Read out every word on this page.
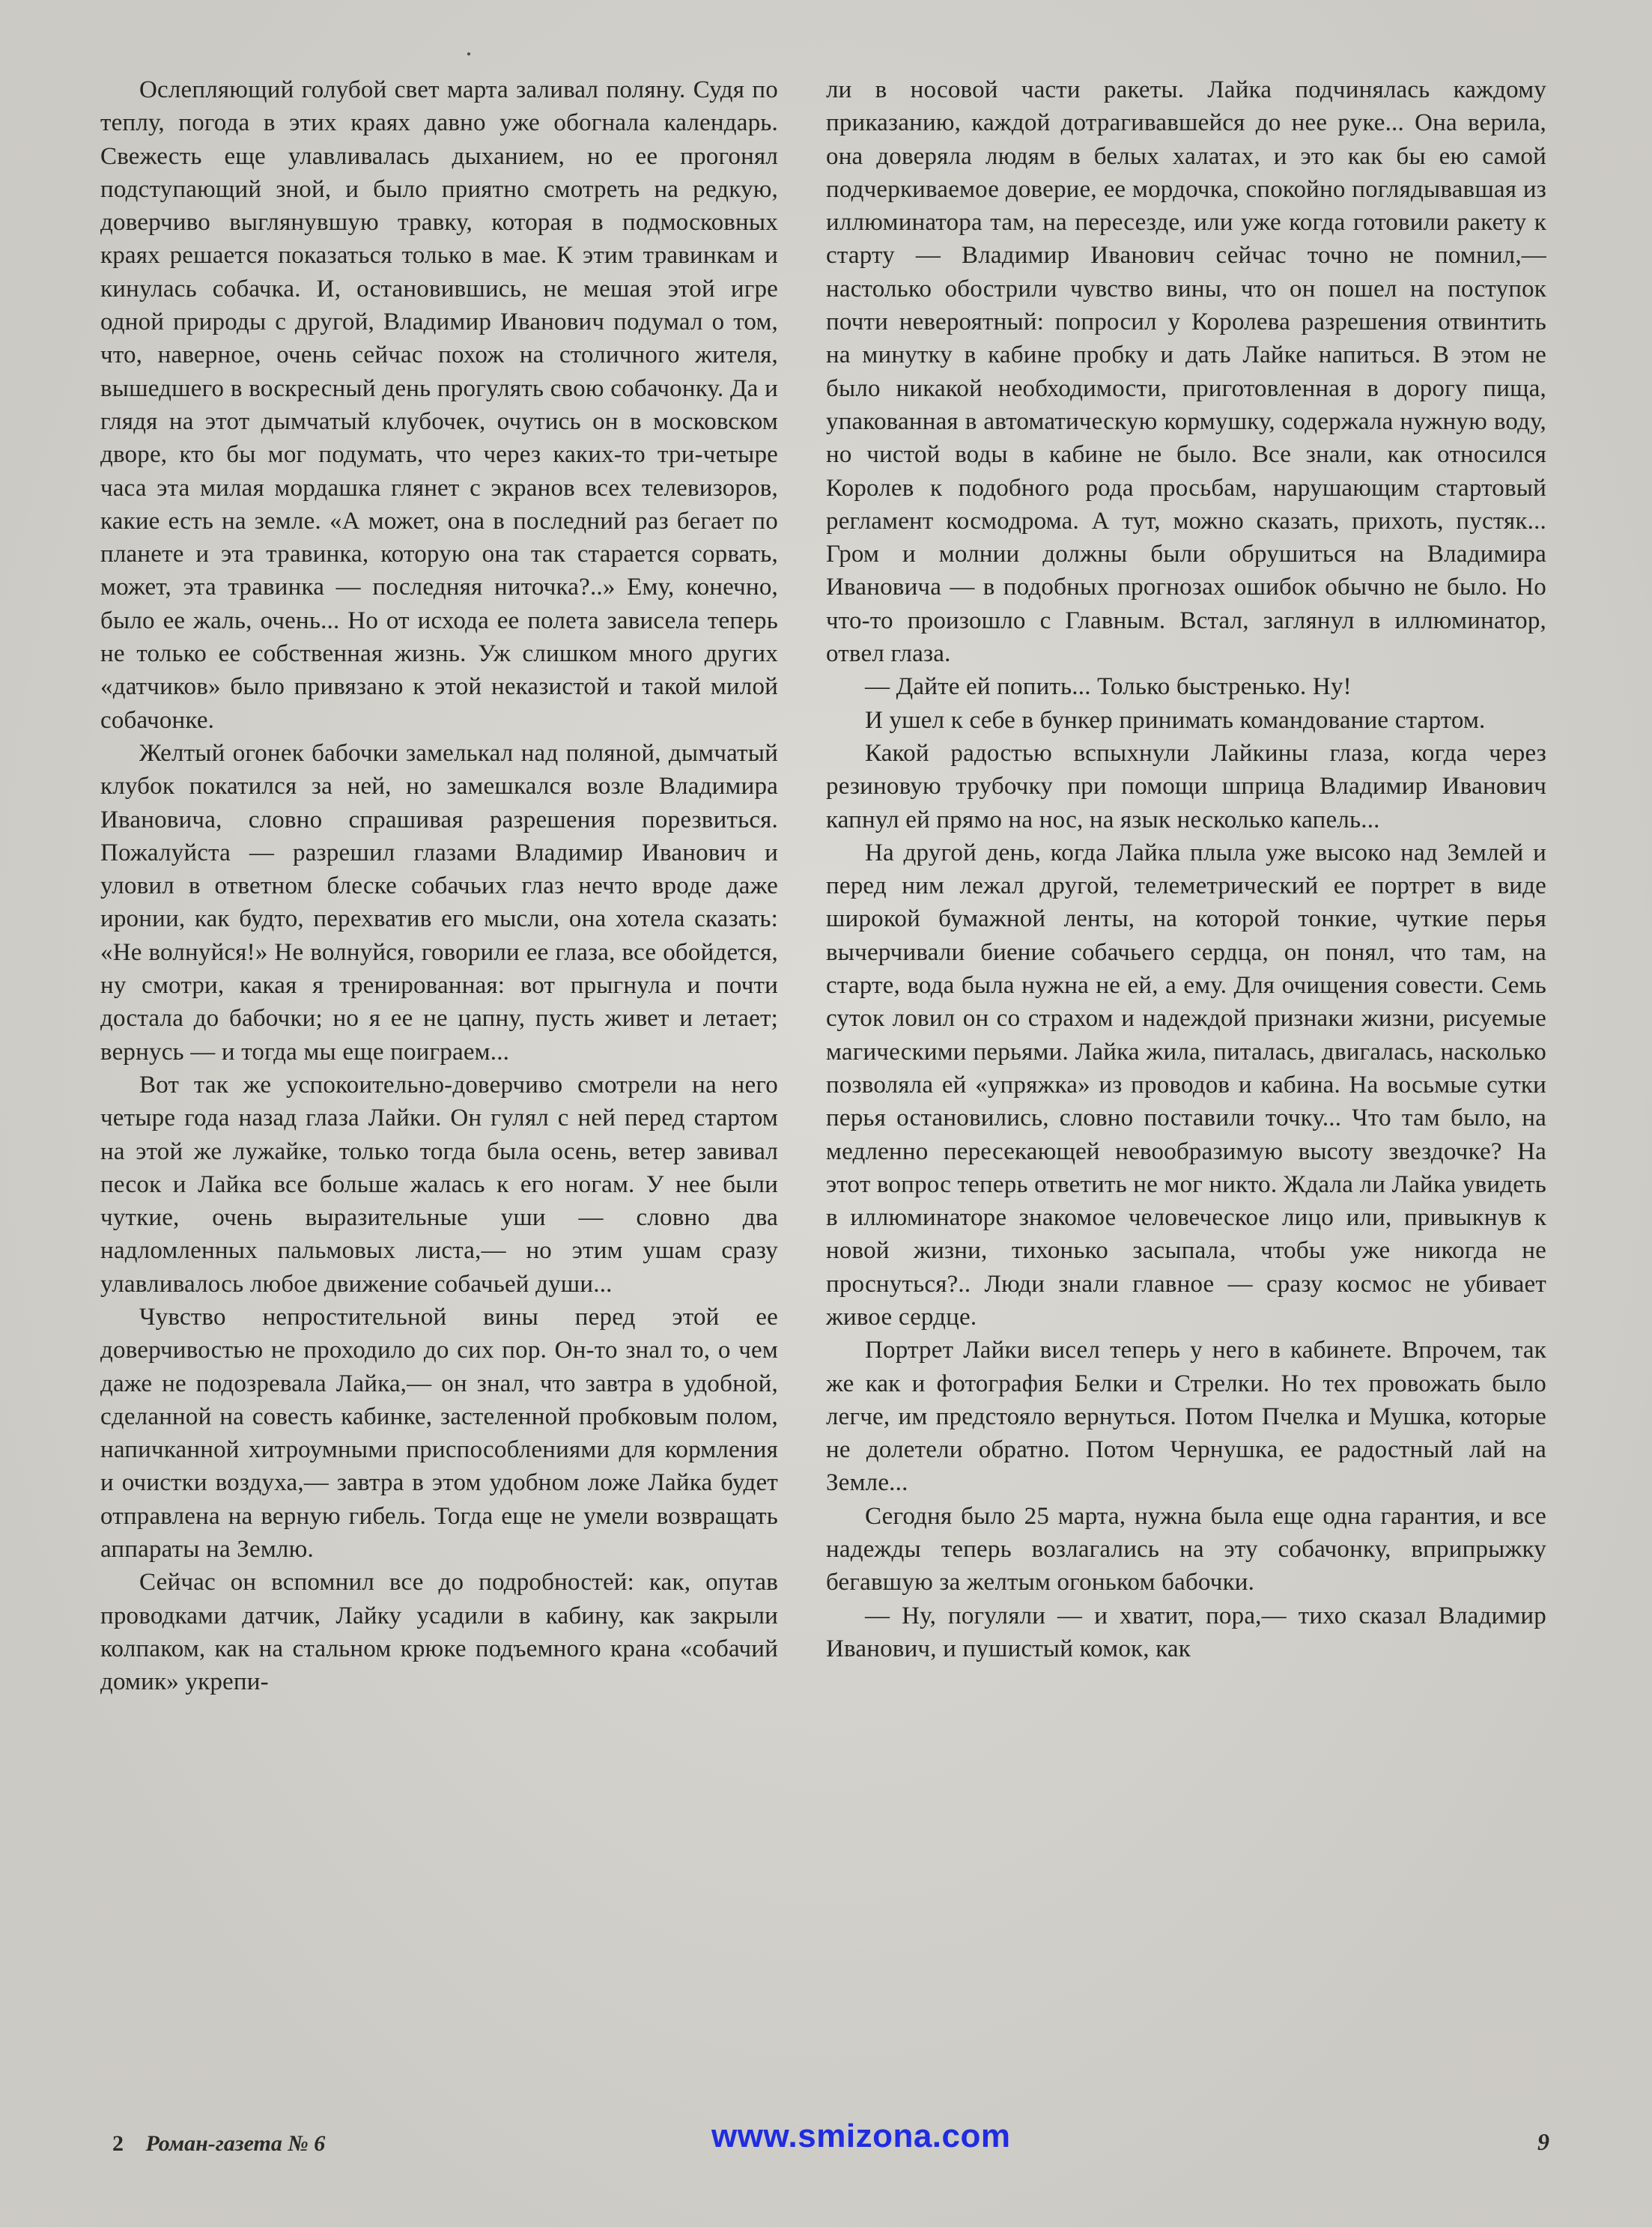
Ослепляющий голубой свет марта заливал поляну. Судя по теплу, погода в этих краях давно уже обогнала календарь. Свежесть еще улавливалась дыханием, но ее прогонял подступающий зной, и было приятно смотреть на редкую, доверчиво выглянувшую травку, которая в подмосковных краях решается показаться только в мае. К этим травинкам и кинулась собачка. И, остановившись, не мешая этой игре одной природы с другой, Владимир Иванович подумал о том, что, наверное, очень сейчас похож на столичного жителя, вышедшего в воскресный день прогулять свою собачонку. Да и глядя на этот дымчатый клубочек, очутись он в московском дворе, кто бы мог подумать, что через каких-то три-четыре часа эта милая мордашка глянет с экранов всех телевизоров, какие есть на земле. «А может, она в последний раз бегает по планете и эта травинка, которую она так старается сорвать, может, эта травинка — последняя ниточка?..» Ему, конечно, было ее жаль, очень... Но от исхода ее полета зависела теперь не только ее собственная жизнь. Уж слишком много других «датчиков» было привязано к этой неказистой и такой милой собачонке.

Желтый огонек бабочки замелькал над поляной, дымчатый клубок покатился за ней, но замешкался возле Владимира Ивановича, словно спрашивая разрешения порезвиться. Пожалуйста — разрешил глазами Владимир Иванович и уловил в ответном блеске собачьих глаз нечто вроде даже иронии, как будто, перехватив его мысли, она хотела сказать: «Не волнуйся!» Не волнуйся, говорили ее глаза, все обойдется, ну смотри, какая я тренированная: вот прыгнула и почти достала до бабочки; но я ее не цапну, пусть живет и летает; вернусь — и тогда мы еще поиграем...

Вот так же успокоительно-доверчиво смотрели на него четыре года назад глаза Лайки. Он гулял с ней перед стартом на этой же лужайке, только тогда была осень, ветер завивал песок и Лайка все больше жалась к его ногам. У нее были чуткие, очень выразительные уши — словно два надломленных пальмовых листа,— но этим ушам сразу улавливалось любое движение собачьей души...

Чувство непростительной вины перед этой ее доверчивостью не проходило до сих пор. Он-то знал то, о чем даже не подозревала Лайка,— он знал, что завтра в удобной, сделанной на совесть кабинке, застеленной пробковым полом, напичканной хитроумными приспособлениями для кормления и очистки воздуха,— завтра в этом удобном ложе Лайка будет отправлена на верную гибель. Тогда еще не умели возвращать аппараты на Землю.

Сейчас он вспомнил все до подробностей: как, опутав проводками датчик, Лайку усадили в кабину, как закрыли колпаком, как на стальном крюке подъемного крана «собачий домик» укрепи-

ли в носовой части ракеты. Лайка подчинялась каждому приказанию, каждой дотрагивавшейся до нее руке... Она верила, она доверяла людям в белых халатах, и это как бы ею самой подчеркиваемое доверие, ее мордочка, спокойно поглядывавшая из иллюминатора там, на пересезде, или уже когда готовили ракету к старту — Владимир Иванович сейчас точно не помнил,— настолько обострили чувство вины, что он пошел на поступок почти невероятный: попросил у Королева разрешения отвинтить на минутку в кабине пробку и дать Лайке напиться. В этом не было никакой необходимости, приготовленная в дорогу пища, упакованная в автоматическую кормушку, содержала нужную воду, но чистой воды в кабине не было. Все знали, как относился Королев к подобного рода просьбам, нарушающим стартовый регламент космодрома. А тут, можно сказать, прихоть, пустяк... Гром и молнии должны были обрушиться на Владимира Ивановича — в подобных прогнозах ошибок обычно не было. Но что-то произошло с Главным. Встал, заглянул в иллюминатор, отвел глаза.

— Дайте ей попить... Только быстренько. Ну!

И ушел к себе в бункер принимать командование стартом.

Какой радостью вспыхнули Лайкины глаза, когда через резиновую трубочку при помощи шприца Владимир Иванович капнул ей прямо на нос, на язык несколько капель...

На другой день, когда Лайка плыла уже высоко над Землей и перед ним лежал другой, телеметрический ее портрет в виде широкой бумажной ленты, на которой тонкие, чуткие перья вычерчивали биение собачьего сердца, он понял, что там, на старте, вода была нужна не ей, а ему. Для очищения совести. Семь суток ловил он со страхом и надеждой признаки жизни, рисуемые магическими перьями. Лайка жила, питалась, двигалась, насколько позволяла ей «упряжка» из проводов и кабина. На восьмые сутки перья остановились, словно поставили точку... Что там было, на медленно пересекающей невообразимую высоту звездочке? На этот вопрос теперь ответить не мог никто. Ждала ли Лайка увидеть в иллюминаторе знакомое человеческое лицо или, привыкнув к новой жизни, тихонько засыпала, чтобы уже никогда не проснуться?.. Люди знали главное — сразу космос не убивает живое сердце.

Портрет Лайки висел теперь у него в кабинете. Впрочем, так же как и фотография Белки и Стрелки. Но тех провожать было легче, им предстояло вернуться. Потом Пчелка и Мушка, которые не долетели обратно. Потом Чернушка, ее радостный лай на Земле...

Сегодня было 25 марта, нужна была еще одна гарантия, и все надежды теперь возлагались на эту собачонку, вприпрыжку бегавшую за желтым огоньком бабочки.

— Ну, погуляли — и хватит, пора,— тихо сказал Владимир Иванович, и пушистый комок, как

2 Роман-газета № 6	www.smizona.com	9
